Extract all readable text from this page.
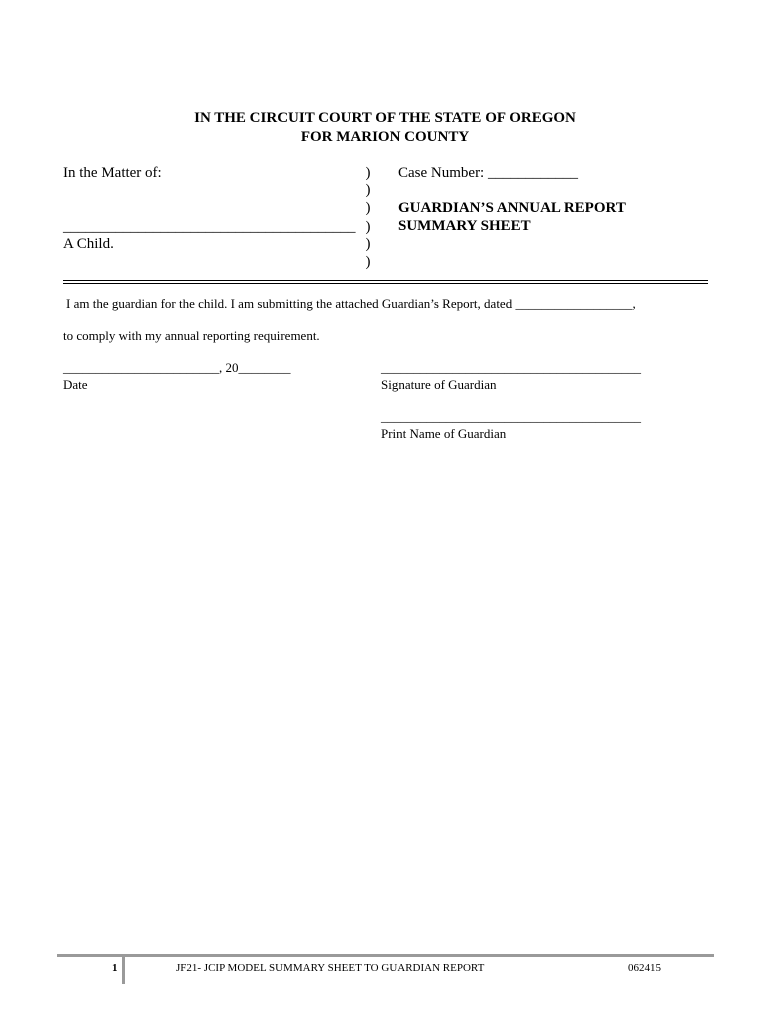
IN THE CIRCUIT COURT OF THE STATE OF OREGON
FOR MARION COUNTY
In the Matter of:
_______________________________________
A Child.
)
)
)
)
)
)
Case Number: ____________
GUARDIAN’S ANNUAL REPORT
SUMMARY SHEET
I am the guardian for the child. I am submitting the attached Guardian’s Report, dated __________________,
to comply with my annual reporting requirement.
________________________, 20________
Date
________________________________________
Signature of Guardian
________________________________________
Print Name of Guardian
1	JF21- JCIP MODEL SUMMARY SHEET TO GUARDIAN REPORT	062415
